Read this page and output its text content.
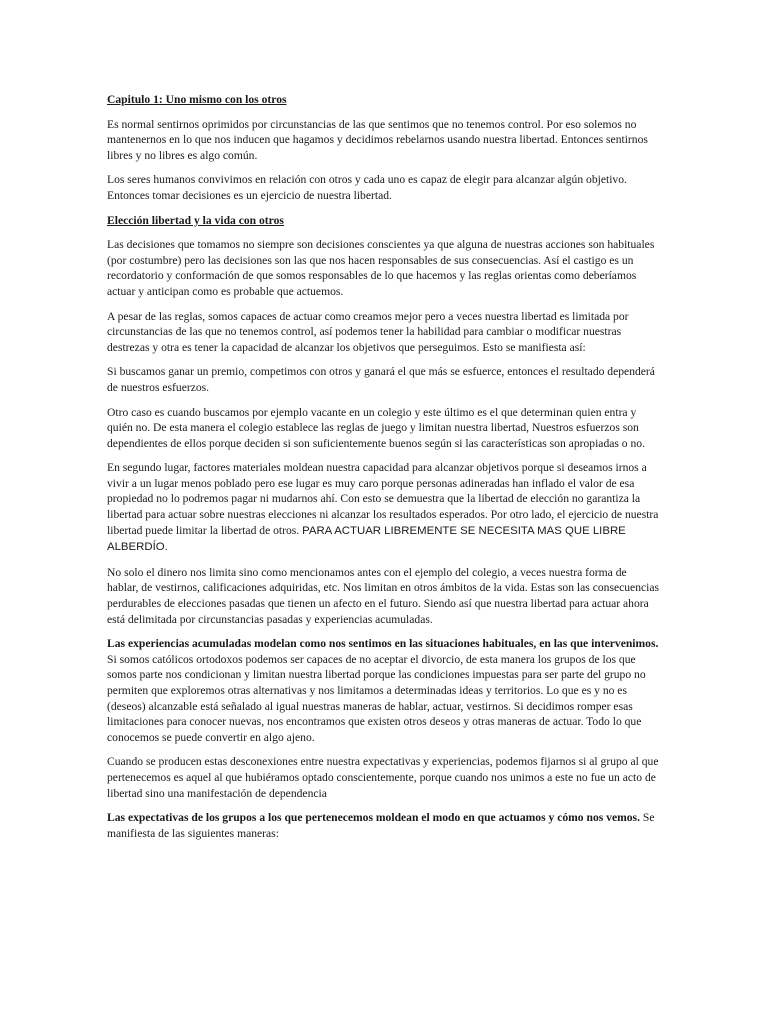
Capitulo 1: Uno mismo con los otros

Es normal sentirnos oprimidos por circunstancias de las que sentimos que no tenemos control. Por eso solemos no mantenernos en lo que nos inducen que hagamos y decidimos rebelarnos usando nuestra libertad. Entonces sentirnos libres y no libres es algo común.

Los seres humanos convivimos en relación con otros y cada uno es capaz de elegir para alcanzar algún objetivo. Entonces tomar decisiones es un ejercicio de nuestra libertad.

Elección libertad y la vida con otros

Las decisiones que tomamos no siempre son decisiones conscientes ya que alguna de nuestras acciones son habituales (por costumbre) pero las decisiones son las que nos hacen responsables de sus consecuencias. Así el castigo es un recordatorio y conformación de que somos responsables de lo que hacemos y las reglas orientas como deberíamos actuar y anticipan como es probable que actuemos.

A pesar de las reglas, somos capaces de actuar como creamos mejor pero a veces nuestra libertad es limitada por circunstancias de las que no tenemos control, así podemos tener la habilidad para cambiar o modificar nuestras destrezas y otra es tener la capacidad de alcanzar los objetivos que perseguimos. Esto se manifiesta así:

Si buscamos ganar un premio, competimos con otros y ganará el que más se esfuerce, entonces el resultado dependerá de nuestros esfuerzos.

Otro caso es cuando buscamos por ejemplo vacante en un colegio y este último es el que determinan quien entra y quién no. De esta manera el colegio establece las reglas de juego y limitan nuestra libertad, Nuestros esfuerzos son dependientes de ellos porque deciden si son suficientemente buenos según si las características son apropiadas o no.

En segundo lugar, factores materiales moldean nuestra capacidad para alcanzar objetivos porque si deseamos irnos a vivir a un lugar menos poblado pero ese lugar es muy caro porque personas adineradas han inflado el valor de esa propiedad no lo podremos pagar ni mudarnos ahí. Con esto se demuestra que la libertad de elección no garantiza la libertad para actuar sobre nuestras elecciones ni alcanzar los resultados esperados. Por otro lado, el ejercicio de nuestra libertad puede limitar la libertad de otros. PARA ACTUAR LIBREMENTE SE NECESITA MAS QUE LIBRE ALBERDÍO.

No solo el dinero nos limita sino como mencionamos antes con el ejemplo del colegio, a veces nuestra forma de hablar, de vestirnos, calificaciones adquiridas, etc. Nos limitan en otros ámbitos de la vida. Estas son las consecuencias perdurables de elecciones pasadas que tienen un afecto en el futuro. Siendo así que nuestra libertad para actuar ahora está delimitada por circunstancias pasadas y experiencias acumuladas.

Las experiencias acumuladas modelan como nos sentimos en las situaciones habituales, en las que intervenimos. Si somos católicos ortodoxos podemos ser capaces de no aceptar el divorcio, de esta manera los grupos de los que somos parte nos condicionan y limitan nuestra libertad porque las condiciones impuestas para ser parte del grupo no permiten que exploremos otras alternativas y nos limitamos a determinadas ideas y territorios. Lo que es y no es (deseos) alcanzable está señalado al igual nuestras maneras de hablar, actuar, vestirnos. Si decidimos romper esas limitaciones para conocer nuevas, nos encontramos que existen otros deseos y otras maneras de actuar. Todo lo que conocemos se puede convertir en algo ajeno.

Cuando se producen estas desconexiones entre nuestra expectativas y experiencias, podemos fijarnos si al grupo al que pertenecemos es aquel al que hubiéramos optado conscientemente, porque cuando nos unimos a este no fue un acto de libertad sino una manifestación de dependencia

Las expectativas de los grupos a los que pertenecemos moldean el modo en que actuamos y cómo nos vemos. Se manifiesta de las siguientes maneras:
